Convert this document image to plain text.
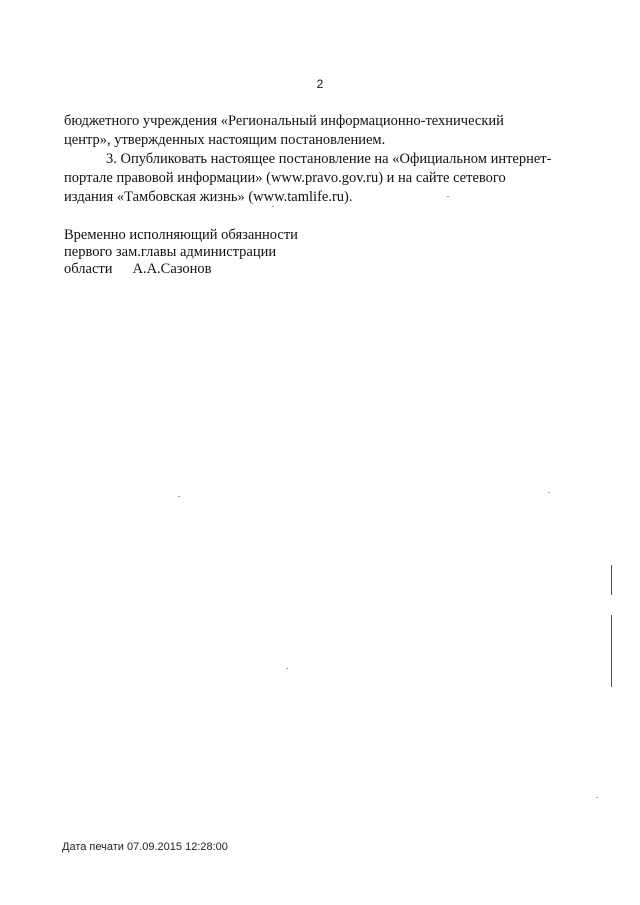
2

бюджетного учреждения «Региональный информационно-технический

центр», утвержденных настоящим постановлением.

3. Опубликовать настоящее постановление на «Официальном интернет-

портале правовой информации» (www.pravo.gov.ru) и на сайте сетевого

издания «Тамбовская жизнь» (www.tamlife.ru).

Временно исполняющий обязанности
первого зам.главы администрации
области А.А.Сазонов
Дата печати 07.09.2015 12:28:00
